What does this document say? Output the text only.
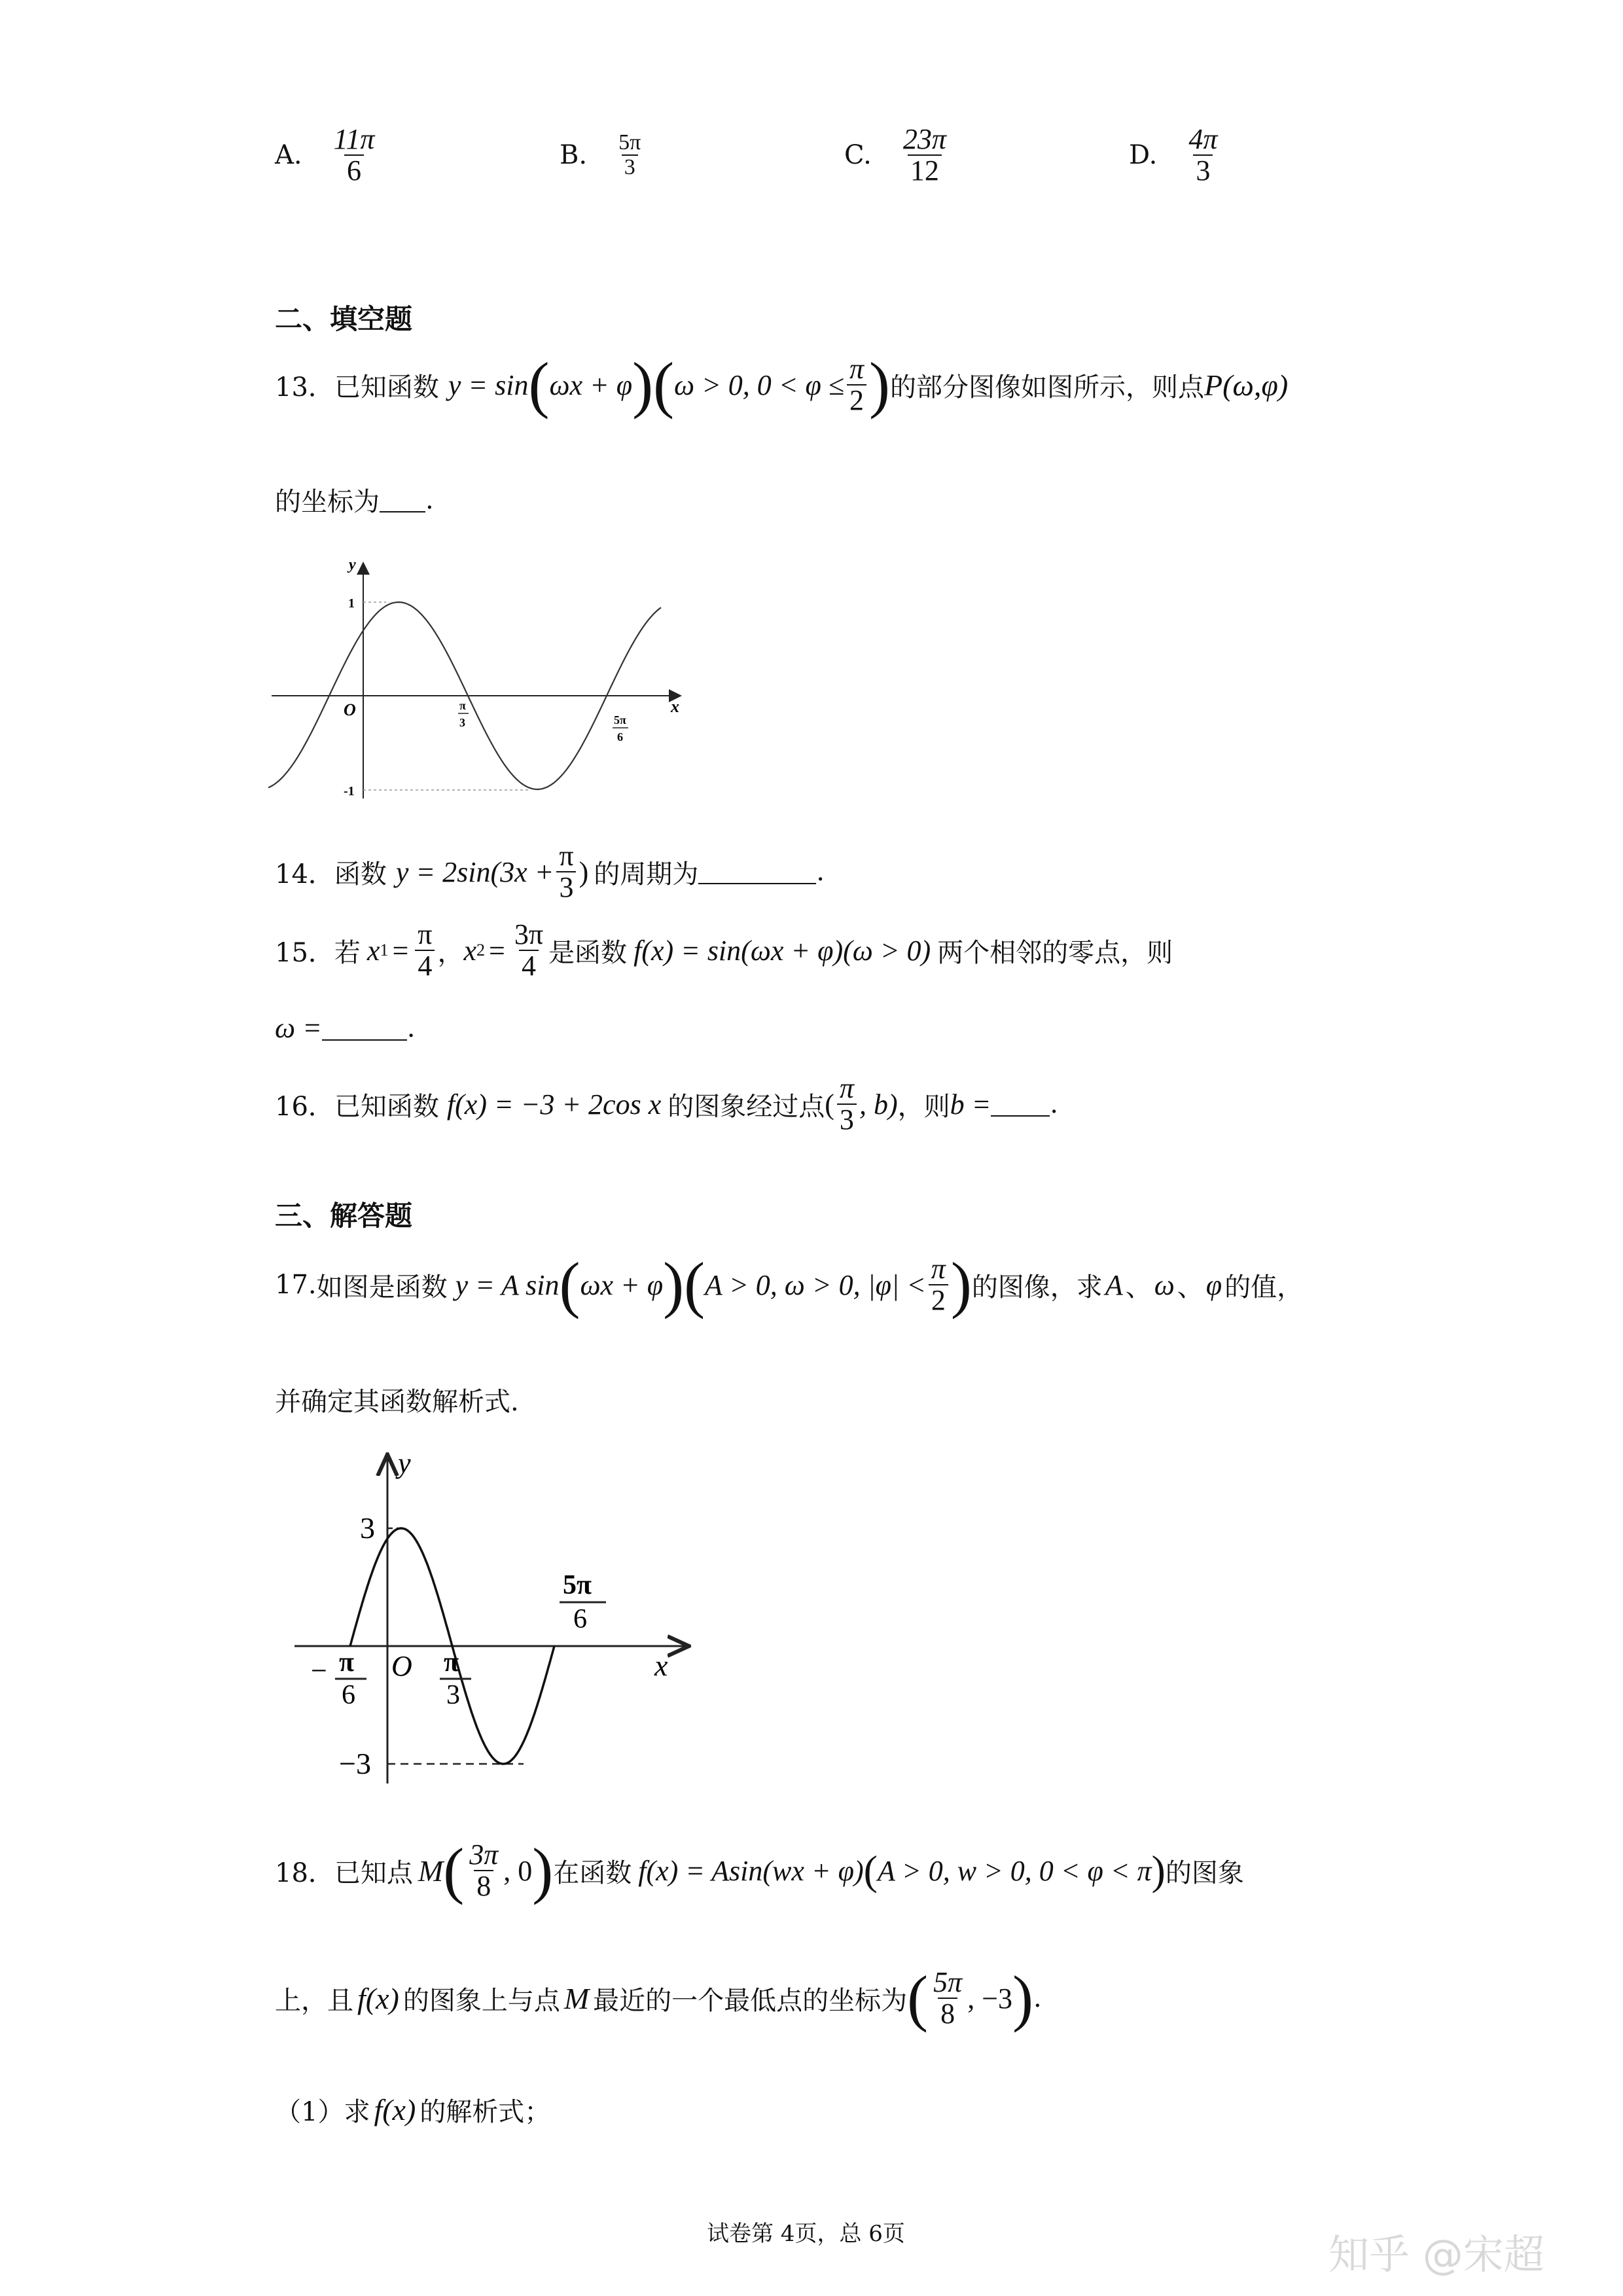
A. $\frac{11\pi}{6}$	B. $\frac{5\pi}{3}$	C. $\frac{23\pi}{12}$	D. $\frac{4\pi}{3}$
二、填空题
13． 已知函数 y = sin ( ωx + φ ) ( ω > 0, $0 < \varphi \le \frac{\pi}{2}$ ) 的部分图像如图所示，则点 P(ω,φ)
的坐标为 .
y
x
O
1
-1
π
3	5π
6
14． 函数 $y = 2\sin(3x + \frac{\pi}{3}$ ) 的周期为	.
15． 若 x $1 = \frac{\pi}{4}$ ， x $2 = \frac{3\pi}{4}$ 是函数 f(x) = sin(ωx + φ)(ω > 0) 两个相邻的零点，则
ω =	.
16． 已知函数 f(x) = −3 + 2cos x 的图象经过点 ( $\frac{\pi}{3}$ , b) ，则 b = .
三、解答题
17. 如图是函数 y = A sin ( ωx + φ ) ( A > 0, ω > 0, $|\varphi| < \frac{\pi}{2}$ ) 的图像，求 A 、 ω 、 φ 的值，
并确定其函数解析式.
y
x
O
3
−3
− π
6
π
3
5π
6
18． 已知点 M ( $\frac{3\pi}{8}$ , 0 ) 在函数 f(x) = Asin(wx + φ) ( A > 0, w > 0, 0 < φ < π ) 的图象
上，且 f(x) 的图象上与点 M 最近的一个最低点的坐标为 ( $\frac{5\pi}{8}$ , −3 ) .
（1）求 f(x) 的解析式；
试卷第 4页，总 6页	知乎 @宋超
